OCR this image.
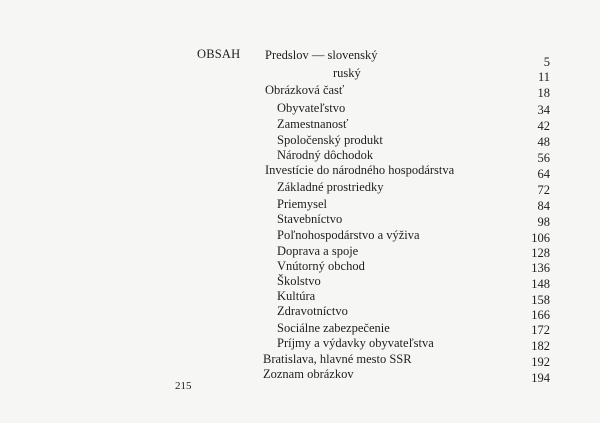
OBSAH Predslov — slovenský	5
ruský	11
Obrázková časť	18
Obyvateľstvo	34
Zamestnanosť	42
Spoločenský produkt	48
Národný dôchodok	56
Investície do národného hospodárstva	64
Základné prostriedky	72
Priemysel	84
Stavebníctvo	98
Poľnohospodárstvo a výživa	106
Doprava a spoje	128
Vnútorný obchod	136
Školstvo	148
Kultúra	158
Zdravotníctvo	166
Sociálne zabezpečenie	172
Príjmy a výdavky obyvateľstva	182
Bratislava, hlavné mesto SSR	192
Zoznam obrázkov	194
215
